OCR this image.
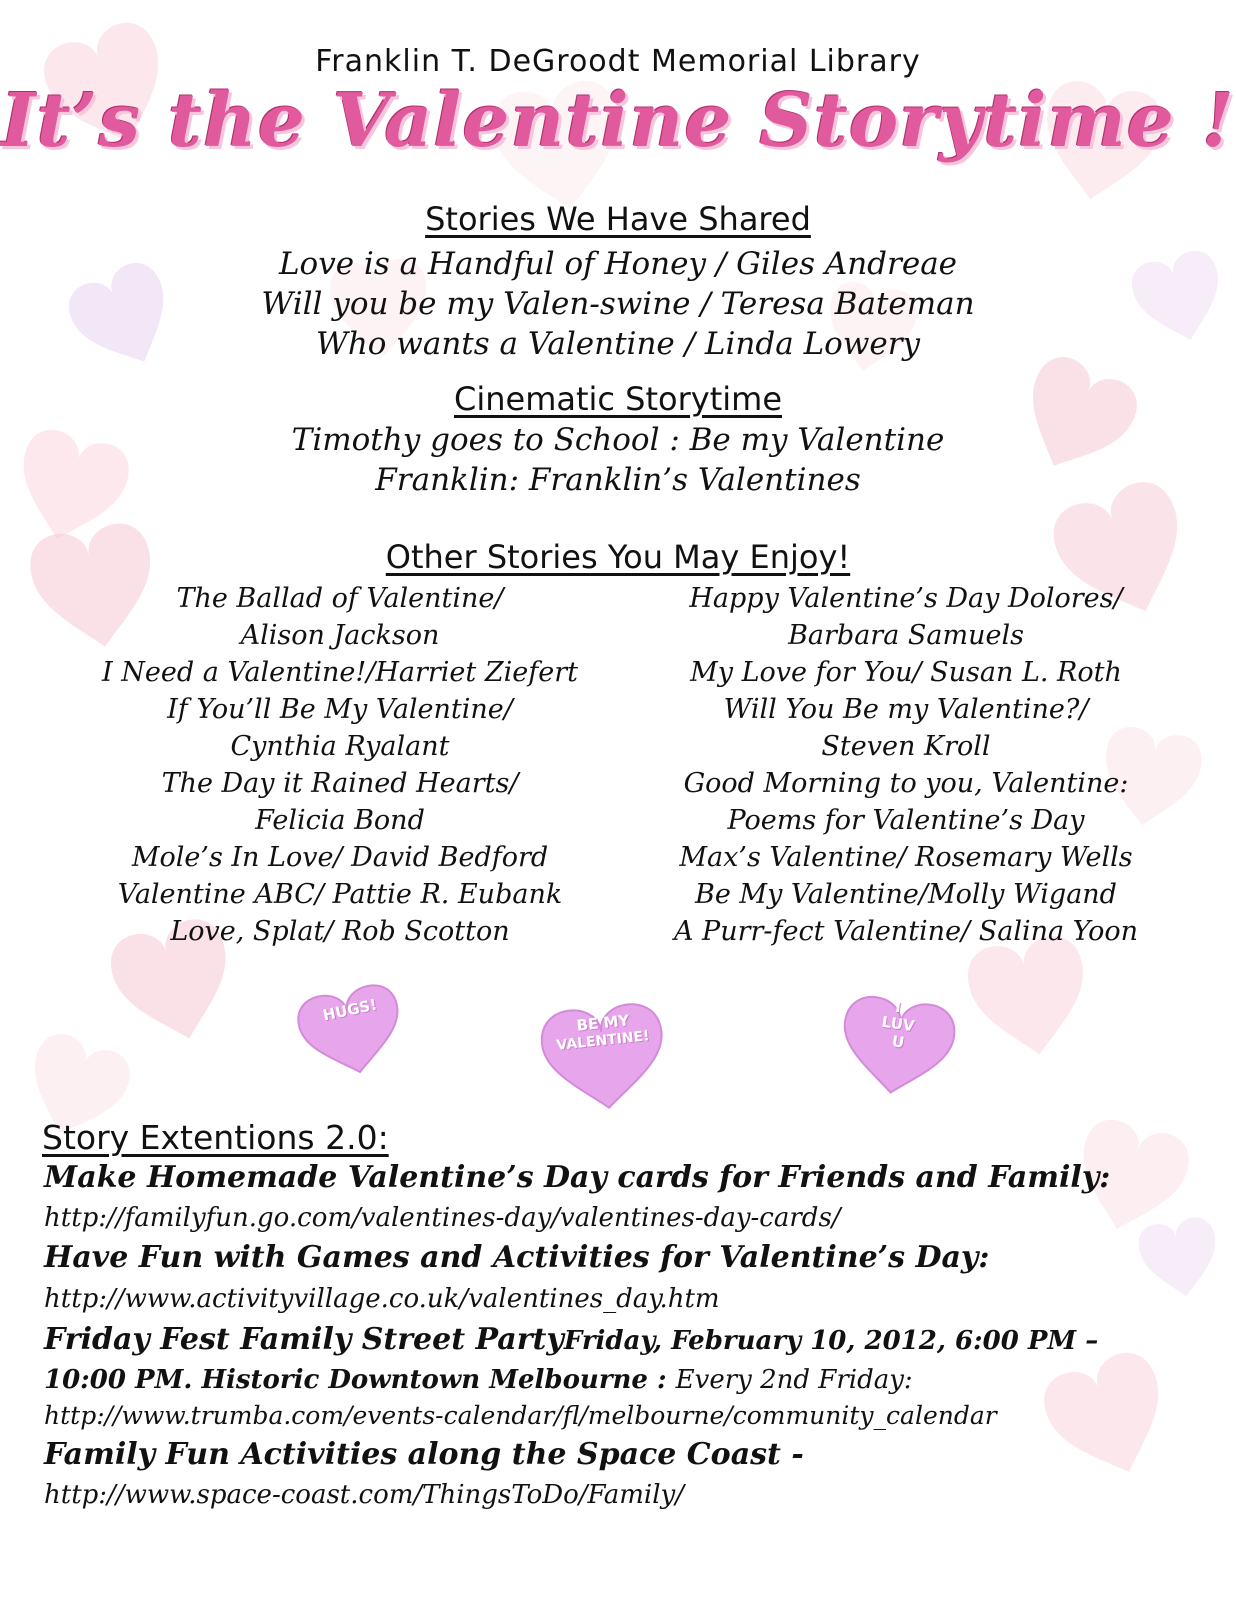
Franklin T. DeGroodt Memorial Library
It’s the Valentine Storytime !
Stories We Have Shared
Love is a Handful of Honey / Giles Andreae
Will you be my Valen-swine / Teresa Bateman
Who wants a Valentine / Linda Lowery
Cinematic Storytime
Timothy goes to School : Be my Valentine
Franklin: Franklin’s Valentines
Other Stories You May Enjoy!
The Ballad of Valentine/
Alison Jackson
I Need a Valentine!/Harriet Ziefert
If You’ll Be My Valentine/
Cynthia Ryalant
The Day it Rained Hearts/
Felicia Bond
Mole’s In Love/ David Bedford
Valentine ABC/ Pattie R. Eubank
Love, Splat/ Rob Scotton
Happy Valentine’s Day Dolores/
Barbara Samuels
My Love for You/ Susan L. Roth
Will You Be my Valentine?/
Steven Kroll
Good Morning to you, Valentine:
Poems for Valentine’s Day
Max’s Valentine/ Rosemary Wells
Be My Valentine/Molly Wigand
A Purr-fect Valentine/ Salina Yoon
HUGS!	BE MY
VALENTINE!
I
LUV
U
Story Extentions 2.0:
Make Homemade Valentine’s Day cards for Friends and Family:
http://familyfun.go.com/valentines-day/valentines-day-cards/
Have Fun with Games and Activities for Valentine’s Day:
http://www.activityvillage.co.uk/valentines_day.htm
Friday Fest Family Street PartyFriday, February 10, 2012, 6:00 PM –
10:00 PM. Historic Downtown Melbourne : Every 2nd Friday:
http://www.trumba.com/events-calendar/fl/melbourne/community_calendar
Family Fun Activities along the Space Coast -
http://www.space-coast.com/ThingsToDo/Family/
